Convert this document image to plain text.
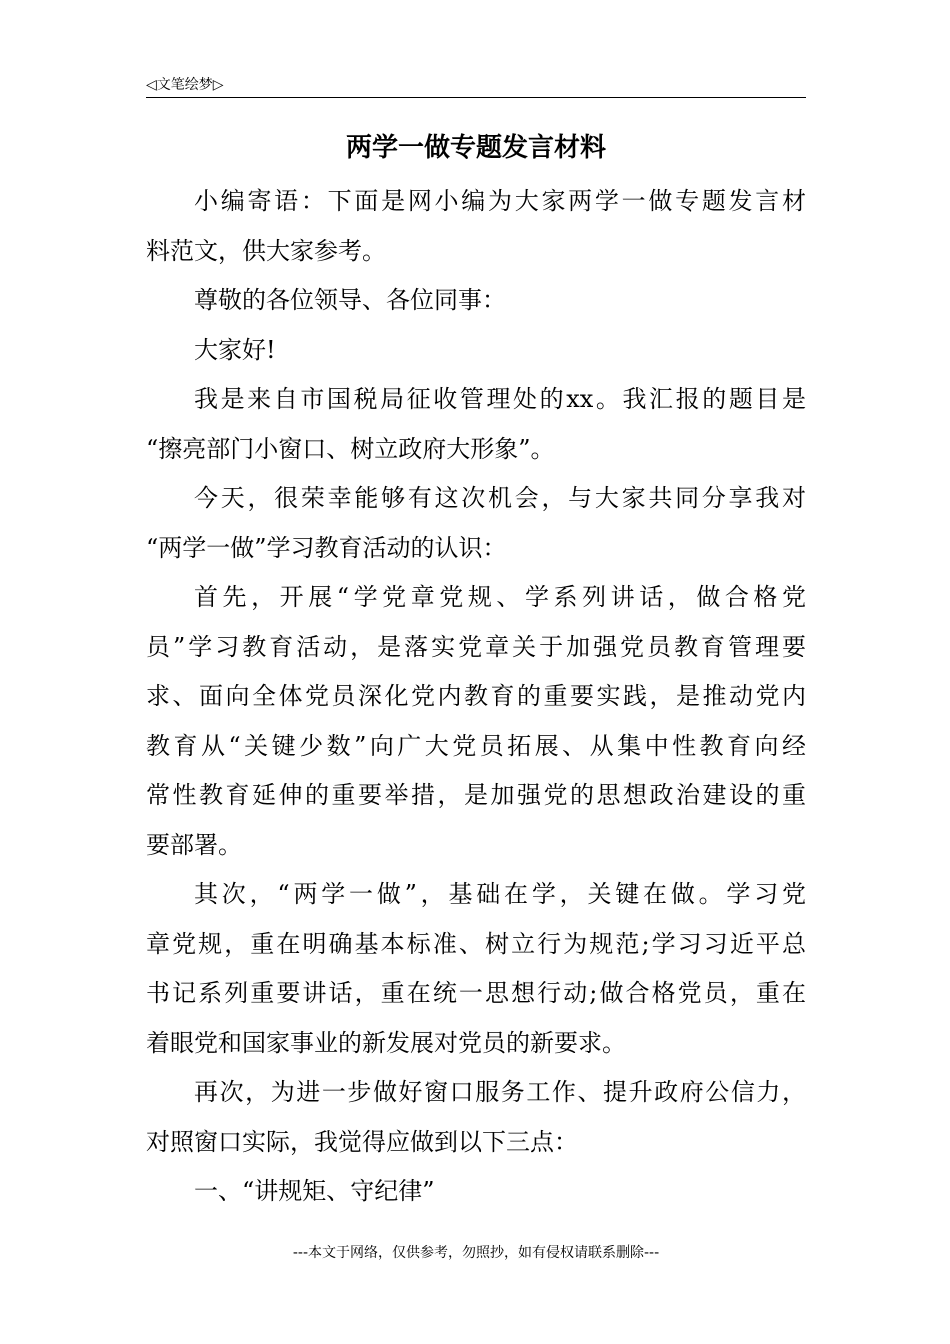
◁文笔绘梦▷
两学一做专题发言材料
小编寄语：下面是网小编为大家两学一做专题发言材
料范文，供大家参考。
尊敬的各位领导、各位同事：
大家好!
我是来自市国税局征收管理处的xx。我汇报的题目是
“擦亮部门小窗口、树立政府大形象”。
今天，很荣幸能够有这次机会，与大家共同分享我对
“两学一做”学习教育活动的认识：
首先，开展“学党章党规、学系列讲话，做合格党
员”学习教育活动，是落实党章关于加强党员教育管理要
求、面向全体党员深化党内教育的重要实践，是推动党内
教育从“关键少数”向广大党员拓展、从集中性教育向经
常性教育延伸的重要举措，是加强党的思想政治建设的重
要部署。
其次，“两学一做”，基础在学，关键在做。学习党
章党规，重在明确基本标准、树立行为规范;学习习近平总
书记系列重要讲话，重在统一思想行动;做合格党员，重在
着眼党和国家事业的新发展对党员的新要求。
再次，为进一步做好窗口服务工作、提升政府公信力，
对照窗口实际，我觉得应做到以下三点：
一、“讲规矩、守纪律”
---本文于网络，仅供参考，勿照抄，如有侵权请联系删除---
